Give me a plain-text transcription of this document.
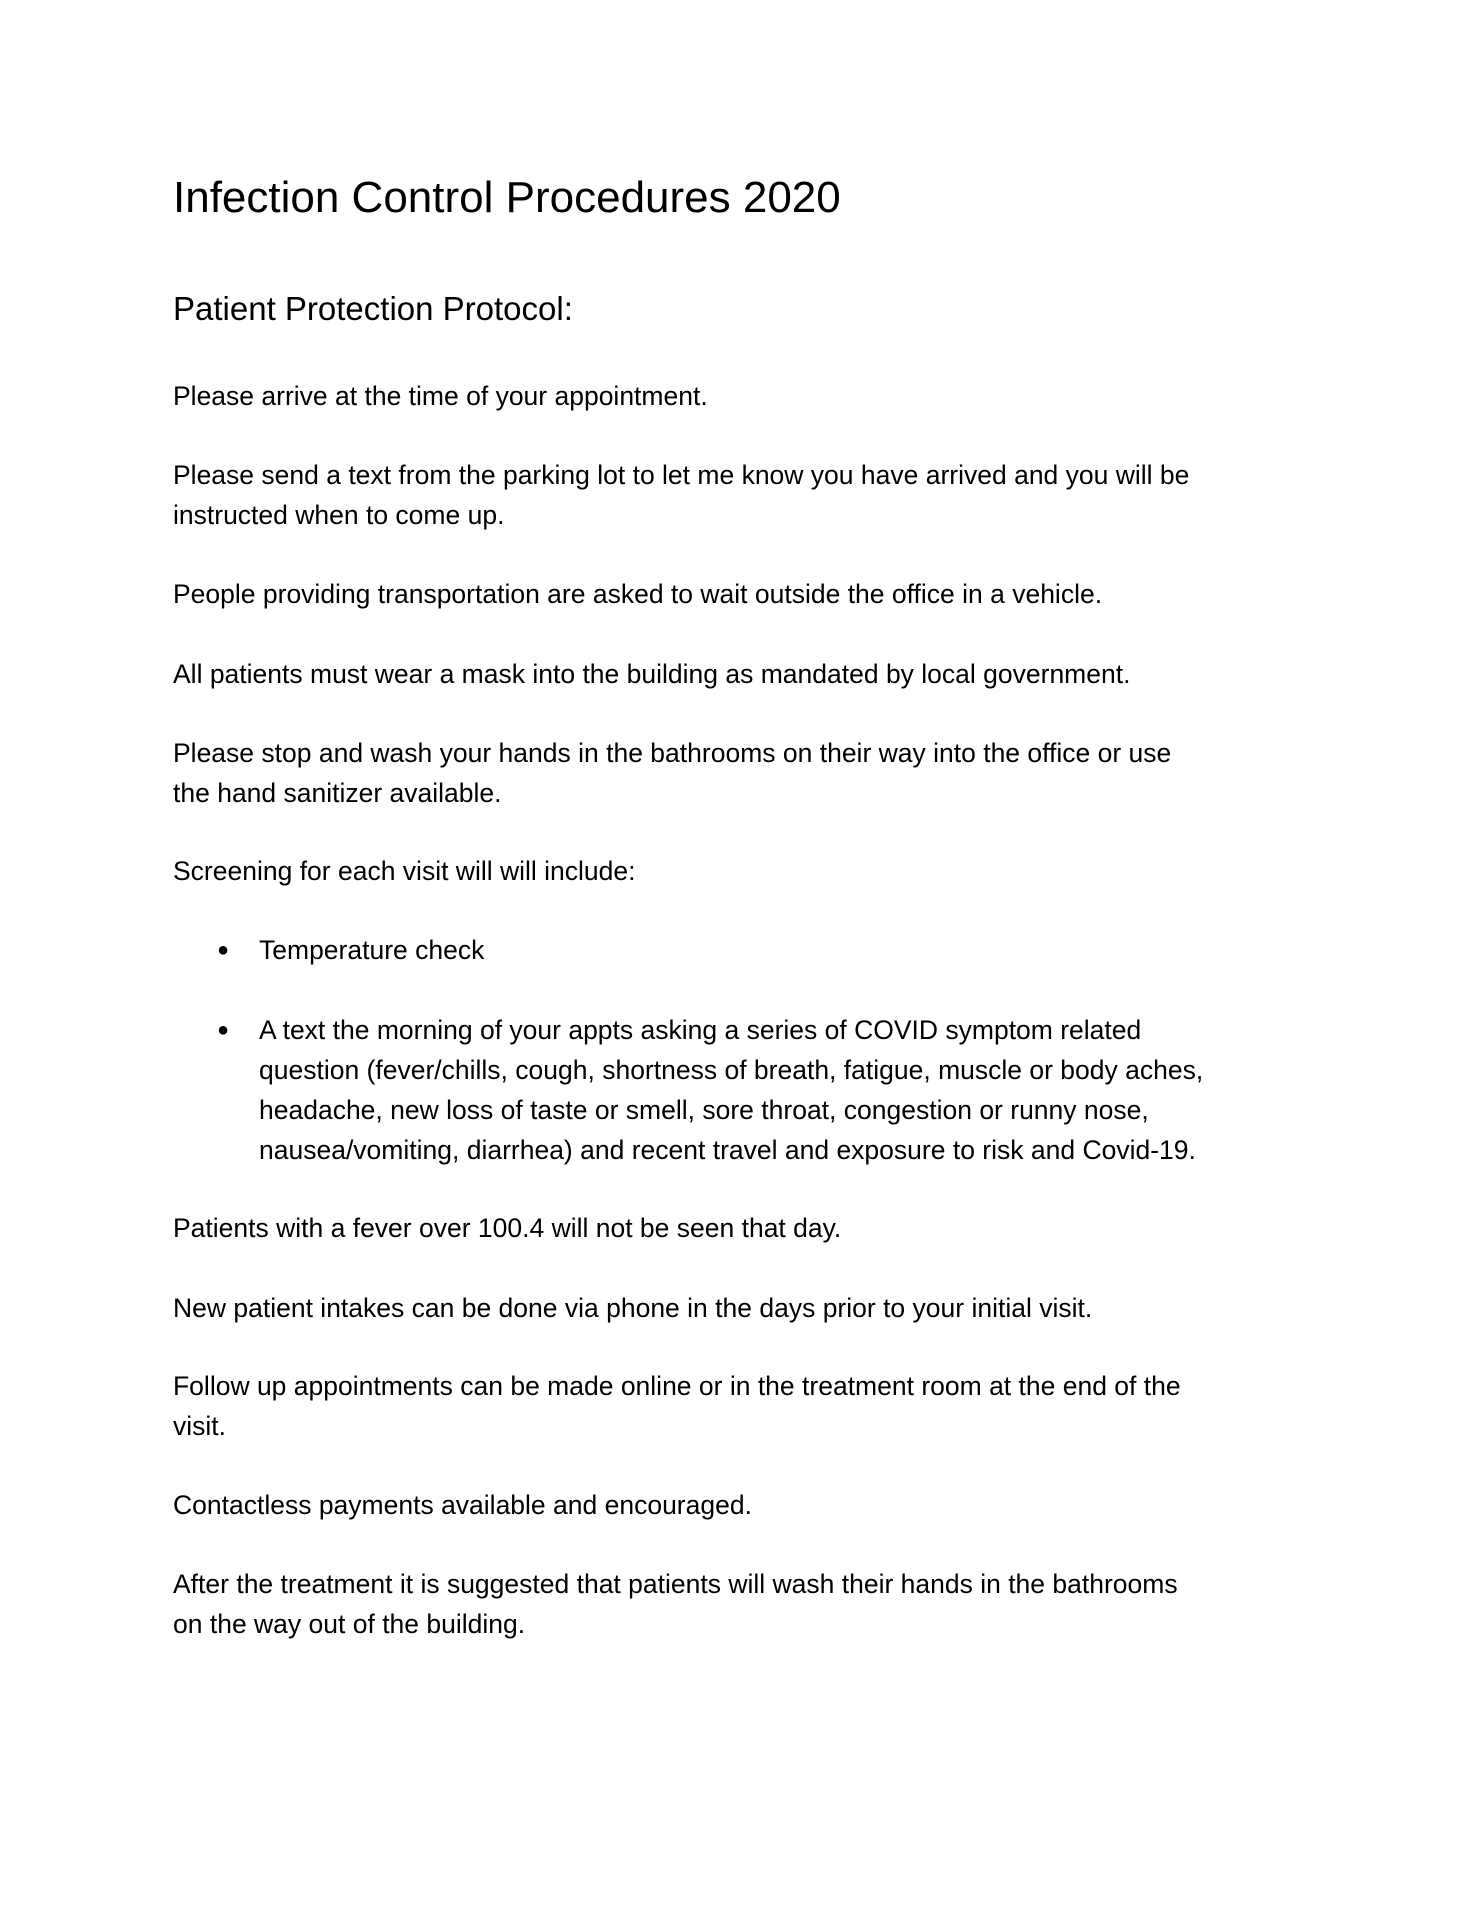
Infection Control Procedures 2020
Patient Protection Protocol:
Please arrive at the time of your appointment.
Please send a text from the parking lot to let me know you have arrived and you will be
instructed when to come up.
People providing transportation are asked to wait outside the office in a vehicle.
All patients must wear a mask into the building as mandated by local government.
Please stop and wash your hands in the bathrooms on their way into the office or use
the hand sanitizer available.
Screening for each visit will will include:
● Temperature check
● A text the morning of your appts asking a series of COVID symptom related
question (fever/chills, cough, shortness of breath, fatigue, muscle or body aches,
headache, new loss of taste or smell, sore throat, congestion or runny nose,
nausea/vomiting, diarrhea) and recent travel and exposure to risk and Covid-19.
Patients with a fever over 100.4 will not be seen that day.
New patient intakes can be done via phone in the days prior to your initial visit.
Follow up appointments can be made online or in the treatment room at the end of the
visit.
Contactless payments available and encouraged.
After the treatment it is suggested that patients will wash their hands in the bathrooms
on the way out of the building.
